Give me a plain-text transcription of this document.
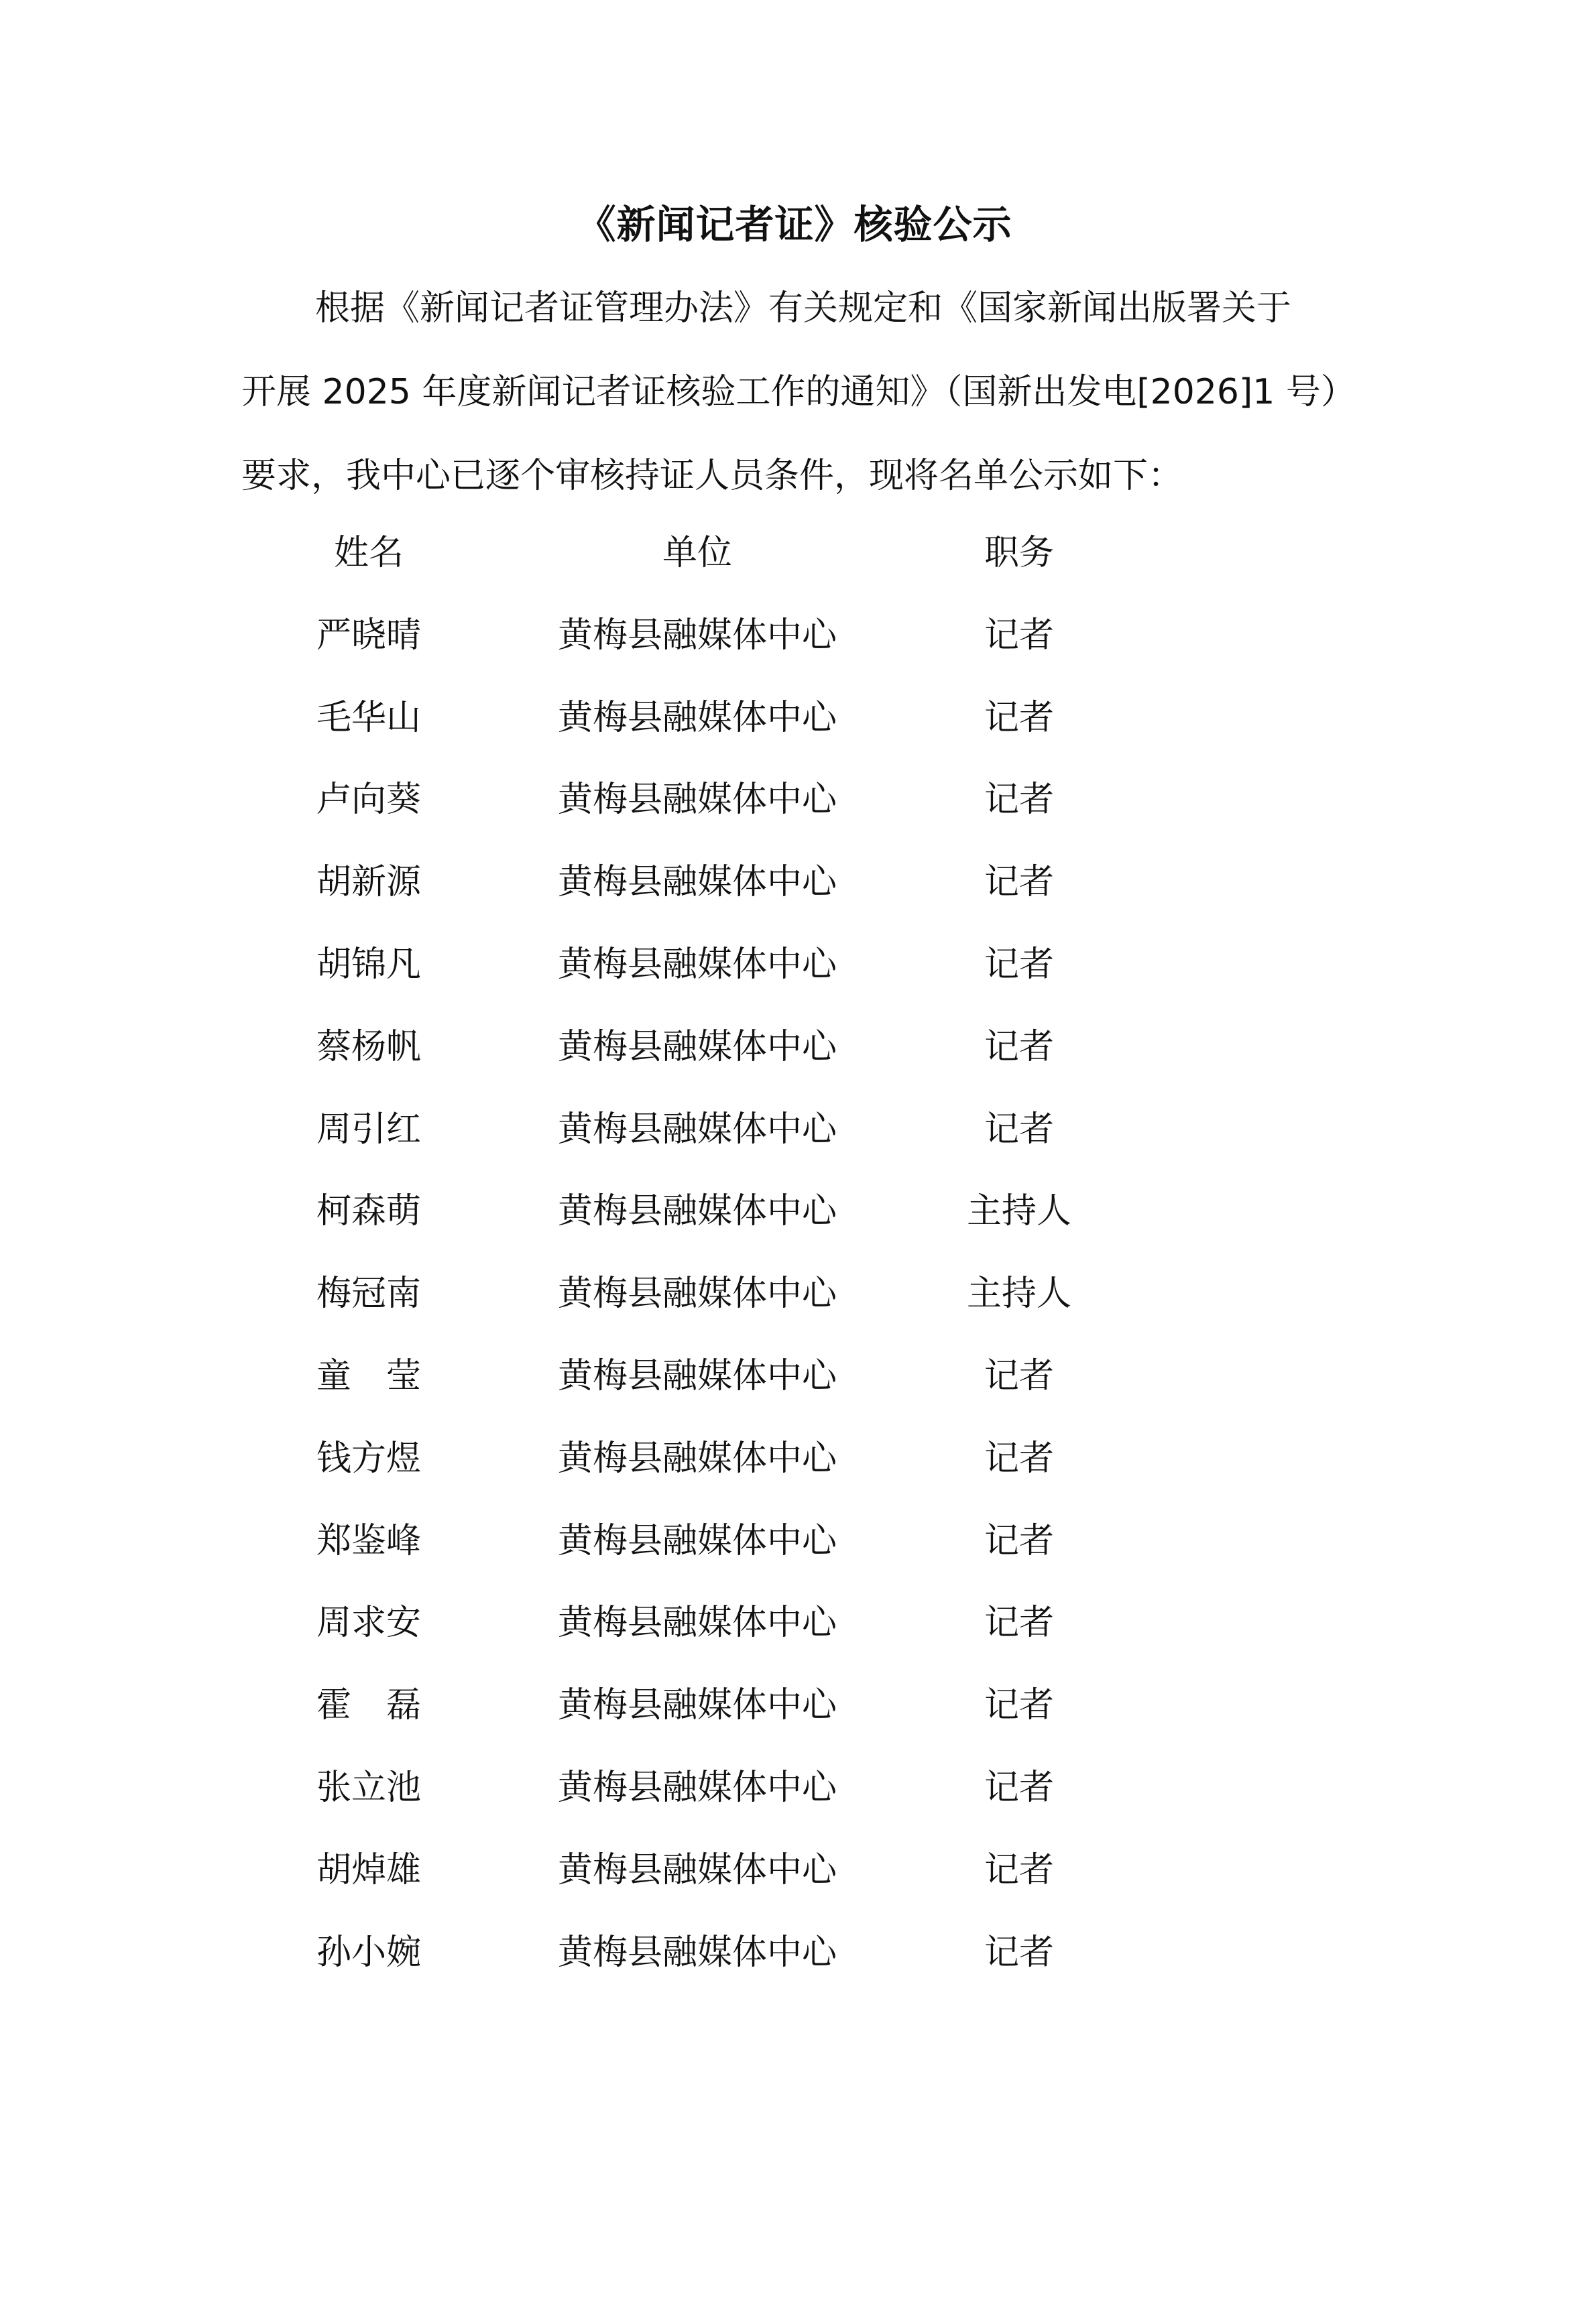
《新闻记者证》核验公示
根据《新闻记者证管理办法》有关规定和《国家新闻出版署关于
开展 2025 年度新闻记者证核验工作的通知》（国新出发电[2026]1 号）
要求，我中心已逐个审核持证人员条件，现将名单公示如下：
姓名	单位	职务
严晓晴	黄梅县融媒体中心	记者
毛华山	黄梅县融媒体中心	记者
卢向葵	黄梅县融媒体中心	记者
胡新源	黄梅县融媒体中心	记者
胡锦凡	黄梅县融媒体中心	记者
蔡杨帆	黄梅县融媒体中心	记者
周引红	黄梅县融媒体中心	记者
柯森萌	黄梅县融媒体中心	主持人
梅冠南	黄梅县融媒体中心	主持人
童　莹	黄梅县融媒体中心	记者
钱方煜	黄梅县融媒体中心	记者
郑鉴峰	黄梅县融媒体中心	记者
周求安	黄梅县融媒体中心	记者
霍　磊	黄梅县融媒体中心	记者
张立池	黄梅县融媒体中心	记者
胡焯雄	黄梅县融媒体中心	记者
孙小婉	黄梅县融媒体中心	记者
